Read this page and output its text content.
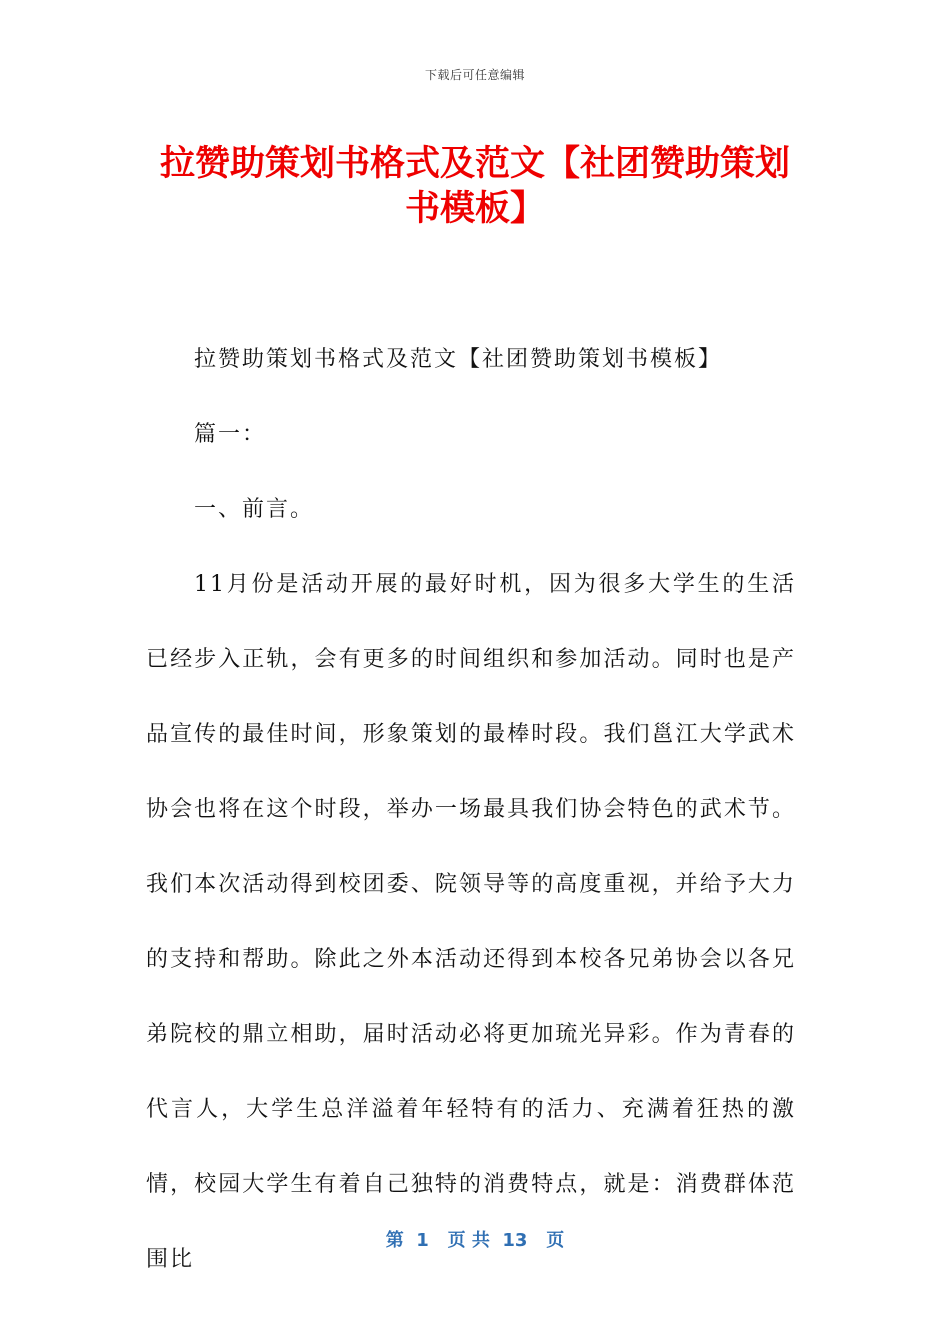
下载后可任意编辑
拉赞助策划书格式及范文【社团赞助策划书模板】

拉赞助策划书格式及范文【社团赞助策划书模板】

篇一：

一、前言。

11月份是活动开展的最好时机，因为很多大学生的生活已经步入正轨，会有更多的时间组织和参加活动。同时也是产品宣传的最佳时间，形象策划的最棒时段。我们邕江大学武术协会也将在这个时段，举办一场最具我们协会特色的武术节。我们本次活动得到校团委、院领导等的高度重视，并给予大力的支持和帮助。除此之外本活动还得到本校各兄弟协会以各兄弟院校的鼎立相助，届时活动必将更加琉光异彩。作为青春的代言人，大学生总洋溢着年轻特有的活力、充满着狂热的激情，校园大学生有着自己独特的消费特点，就是：消费群体范围比

第  1   页 共  13   页
